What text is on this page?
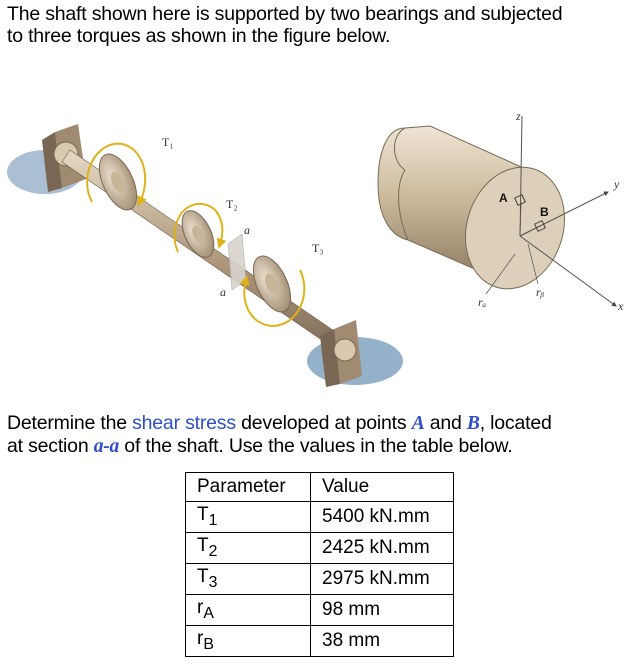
The shaft shown here is supported by two bearings and subjected
to three torques as shown in the figure below.
T₁
T₂
T₃
a
a
z
y
x
A
B
rₐ
rᵦ
Determine the shear stress developed at points A and B, located
at section a-a of the shaft. Use the values in the table below.
Parameter	Value
$T_1$	5400 kN.mm
$T_2$	2425 kN.mm
$T_3$	2975 kN.mm
$r_A$	98 mm
$r_B$	38 mm
